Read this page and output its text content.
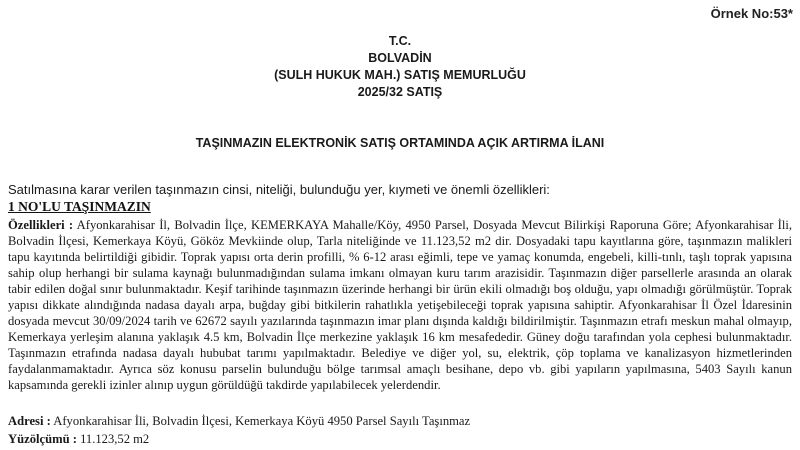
Örnek No:53*
T.C.
BOLVADİN
(SULH HUKUK MAH.) SATIŞ MEMURLUĞU
2025/32 SATIŞ
TAŞINMAZIN ELEKTRONİK SATIŞ ORTAMINDA AÇIK ARTIRMA İLANI
Satılmasına karar verilen taşınmazın cinsi, niteliği, bulunduğu yer, kıymeti ve önemli özellikleri:
1 NO'LU TAŞINMAZIN
Özellikleri : Afyonkarahisar İl, Bolvadin İlçe, KEMERKAYA Mahalle/Köy, 4950 Parsel, Dosyada Mevcut Bilirkişi Raporuna Göre; Afyonkarahisar İli, Bolvadin İlçesi, Kemerkaya Köyü, Gököz Mevkiinde olup, Tarla niteliğinde ve 11.123,52 m2 dir. Dosyadaki tapu kayıtlarına göre, taşınmazın malikleri tapu kayıtında belirtildiği gibidir. Toprak yapısı orta derin profilli, % 6-12 arası eğimli, tepe ve yamaç konumda, engebeli, killi-tınlı, taşlı toprak yapısına sahip olup herhangi bir sulama kaynağı bulunmadığından sulama imkanı olmayan kuru tarım arazisidir. Taşınmazın diğer parsellerle arasında an olarak tabir edilen doğal sınır bulunmaktadır. Keşif tarihinde taşınmazın üzerinde herhangi bir ürün ekili olmadığı boş olduğu, yapı olmadığı görülmüştür. Toprak yapısı dikkate alındığında nadasa dayalı arpa, buğday gibi bitkilerin rahatlıkla yetişebileceği toprak yapısına sahiptir. Afyonkarahisar İl Özel İdaresinin dosyada mevcut 30/09/2024 tarih ve 62672 sayılı yazılarında taşınmazın imar planı dışında kaldığı bildirilmiştir. Taşınmazın etrafı meskun mahal olmayıp, Kemerkaya yerleşim alanına yaklaşık 4.5 km, Bolvadin İlçe merkezine yaklaşık 16 km mesafededir. Güney doğu tarafından yola cephesi bulunmaktadır. Taşınmazın etrafında nadasa dayalı hububat tarımı yapılmaktadır. Belediye ve diğer yol, su, elektrik, çöp toplama ve kanalizasyon hizmetlerinden faydalanmamaktadır. Ayrıca söz konusu parselin bulunduğu bölge tarımsal amaçlı besihane, depo vb. gibi yapıların yapılmasına, 5403 Sayılı kanun kapsamında gerekli izinler alınıp uygun görüldüğü takdirde yapılabilecek yelerdendir.
Adresi : Afyonkarahisar İli, Bolvadin İlçesi, Kemerkaya Köyü 4950 Parsel Sayılı Taşınmaz
Yüzölçümü : 11.123,52 m2
